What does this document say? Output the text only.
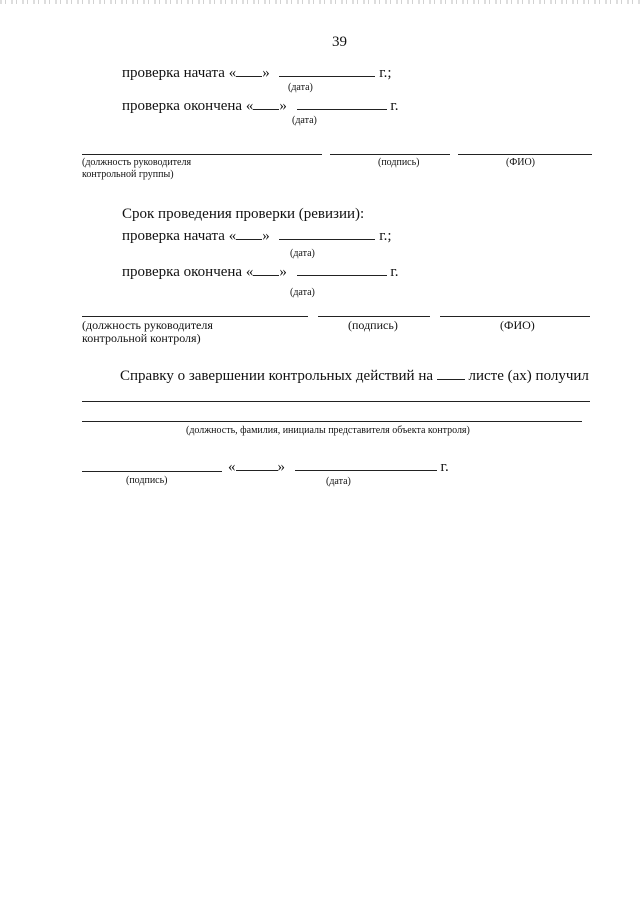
39
проверка начата « »	г.;
(дата)
проверка окончена « »	г.
(дата)
(должность руководителя
контрольной группы)
(подпись)	(ФИО)
Срок проведения проверки (ревизии):
проверка начата « »	г.;
(дата)
проверка окончена « »	г.
(дата)
(должность руководителя
контрольной контроля)
(подпись)	(ФИО)
Справку о завершении контрольных действий на листе (ах) получил
(должность, фамилия, инициалы представителя объекта контроля)
«	»	г.
(подпись)	(дата)
